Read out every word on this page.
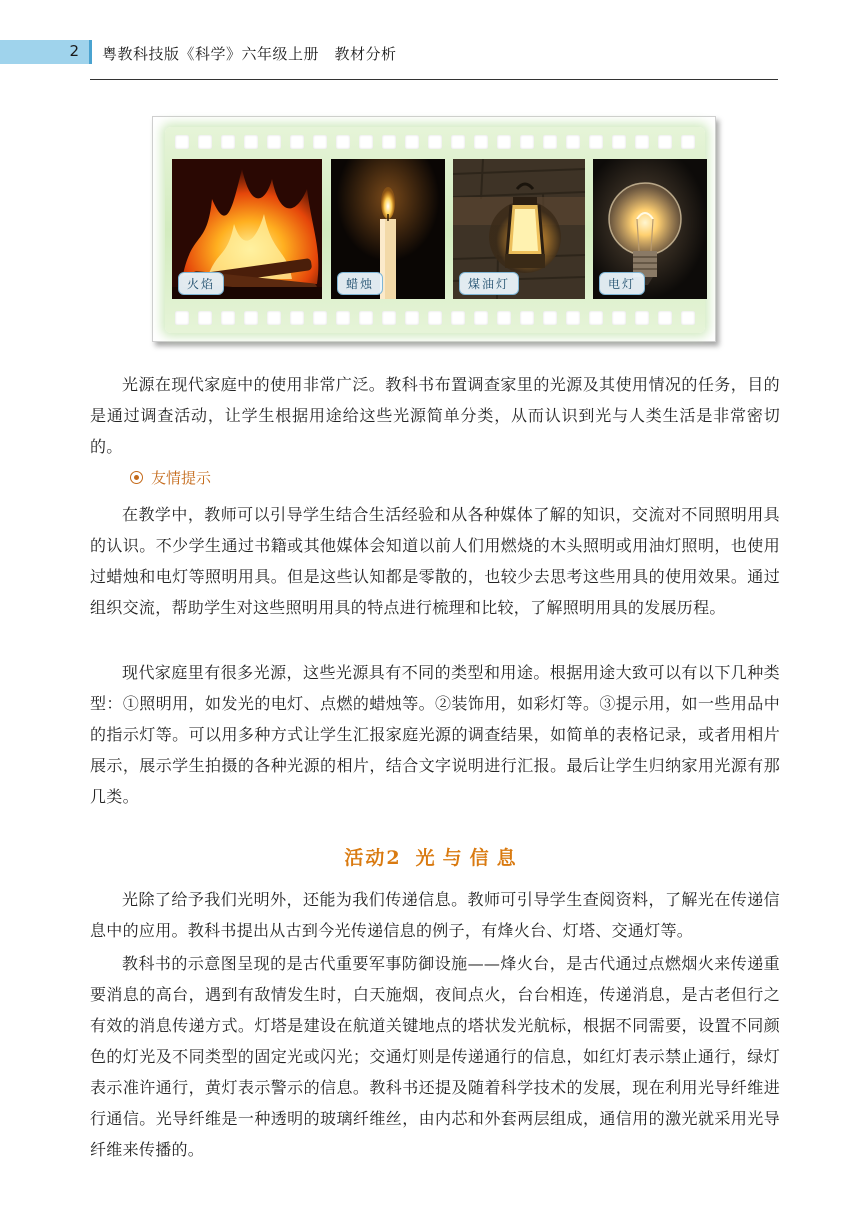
2 粤教科技版《科学》六年级上册　教材分析
火焰	蜡烛	煤油灯	电灯

光源在现代家庭中的使用非常广泛。教科书布置调查家里的光源及其使用情况的任务，目的是通过调查活动，让学生根据用途给这些光源简单分类，从而认识到光与人类生活是非常密切的。

友情提示

在教学中，教师可以引导学生结合生活经验和从各种媒体了解的知识，交流对不同照明用具的认识。不少学生通过书籍或其他媒体会知道以前人们用燃烧的木头照明或用油灯照明，也使用过蜡烛和电灯等照明用具。但是这些认知都是零散的，也较少去思考这些用具的使用效果。通过组织交流，帮助学生对这些照明用具的特点进行梳理和比较，了解照明用具的发展历程。

现代家庭里有很多光源，这些光源具有不同的类型和用途。根据用途大致可以有以下几种类型：①照明用，如发光的电灯、点燃的蜡烛等。②装饰用，如彩灯等。③提示用，如一些用品中的指示灯等。可以用多种方式让学生汇报家庭光源的调查结果，如简单的表格记录，或者用相片展示，展示学生拍摄的各种光源的相片，结合文字说明进行汇报。最后让学生归纳家用光源有那几类。

活动2 光与信息

光除了给予我们光明外，还能为我们传递信息。教师可引导学生查阅资料，了解光在传递信息中的应用。教科书提出从古到今光传递信息的例子，有烽火台、灯塔、交通灯等。

教科书的示意图呈现的是古代重要军事防御设施——烽火台，是古代通过点燃烟火来传递重要消息的高台，遇到有敌情发生时，白天施烟，夜间点火，台台相连，传递消息，是古老但行之有效的消息传递方式。灯塔是建设在航道关键地点的塔状发光航标，根据不同需要，设置不同颜色的灯光及不同类型的固定光或闪光；交通灯则是传递通行的信息，如红灯表示禁止通行，绿灯表示准许通行，黄灯表示警示的信息。教科书还提及随着科学技术的发展，现在利用光导纤维进行通信。光导纤维是一种透明的玻璃纤维丝，由内芯和外套两层组成，通信用的激光就采用光导纤维来传播的。
